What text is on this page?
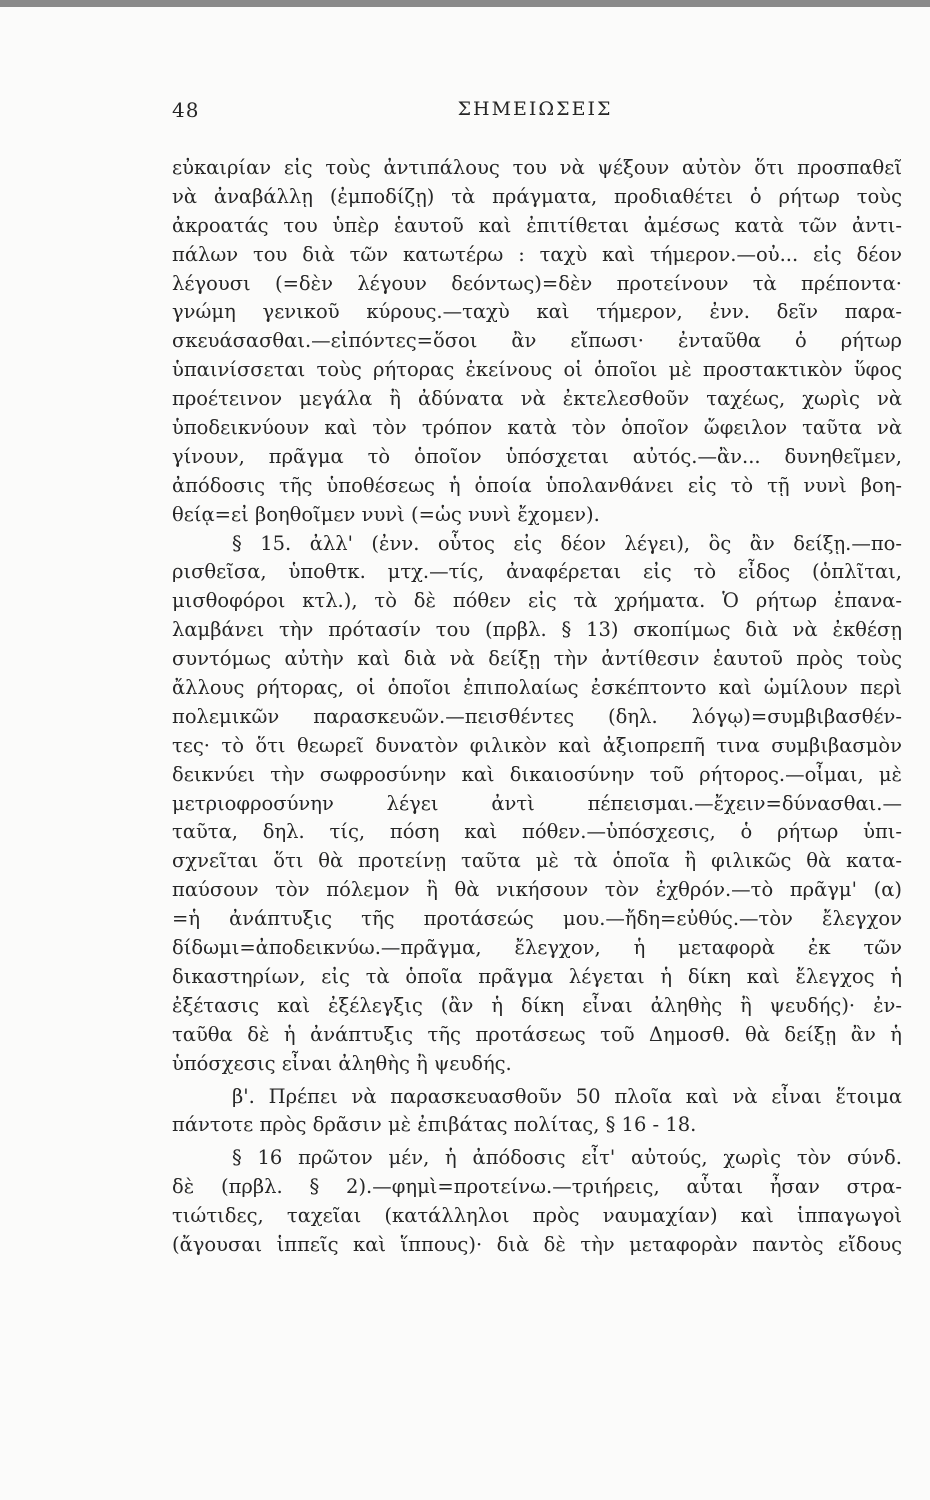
48	ΣΗΜΕΙΩΣΕΙΣ
εὐκαιρίαν εἰς τοὺς ἀντιπάλους του νὰ ψέξουν αὐτὸν ὅτι προσπαθεῖ
νὰ ἀναβάλλῃ (ἐμποδίζῃ) τὰ πράγματα, προδιαθέτει ὁ ρήτωρ τοὺς
ἀκροατάς του ὑπὲρ ἑαυτοῦ καὶ ἐπιτίθεται ἀμέσως κατὰ τῶν ἀντι-
πάλων του διὰ τῶν κατωτέρω : ταχὺ καὶ τήμερον.—οὐ... εἰς δέον
λέγουσι (=δὲν λέγουν δεόντως)=δὲν προτείνουν τὰ πρέποντα·
γνώμη γενικοῦ κύρους.—ταχὺ καὶ τήμερον, ἐνν. δεῖν παρα-
σκευάσασθαι.—εἰπόντες=ὅσοι ἂν εἴπωσι· ἐνταῦθα ὁ ρήτωρ
ὑπαινίσσεται τοὺς ρήτορας ἐκείνους οἱ ὁποῖοι μὲ προστακτικὸν ὕφος
προέτεινον μεγάλα ἢ ἀδύνατα νὰ ἐκτελεσθοῦν ταχέως, χωρὶς νὰ
ὑποδεικνύουν καὶ τὸν τρόπον κατὰ τὸν ὁποῖον ὤφειλον ταῦτα νὰ
γίνουν, πρᾶγμα τὸ ὁποῖον ὑπόσχεται αὐτός.—ἂν... δυνηθεῖμεν,
ἀπόδοσις τῆς ὑποθέσεως ἡ ὁποία ὑπολανθάνει εἰς τὸ τῇ νυνὶ βοη-
θείᾳ=εἰ βοηθοῖμεν νυνὶ (=ὡς νυνὶ ἔχομεν).
§ 15. ἀλλ' (ἐνν. οὗτος εἰς δέον λέγει), ὃς ἂν δείξῃ.—πο-
ρισθεῖσα, ὑποθτκ. μτχ.—τίς, ἀναφέρεται εἰς τὸ εἶδος (ὁπλῖται,
μισθοφόροι κτλ.), τὸ δὲ πόθεν εἰς τὰ χρήματα. Ὁ ρήτωρ ἐπανα-
λαμβάνει τὴν πρότασίν του (πρβλ. § 13) σκοπίμως διὰ νὰ ἐκθέσῃ
συντόμως αὐτὴν καὶ διὰ νὰ δείξῃ τὴν ἀντίθεσιν ἑαυτοῦ πρὸς τοὺς
ἄλλους ρήτορας, οἱ ὁποῖοι ἐπιπολαίως ἐσκέπτοντο καὶ ὡμίλουν περὶ
πολεμικῶν παρασκευῶν.—πεισθέντες (δηλ. λόγῳ)=συμβιβασθέν-
τες· τὸ ὅτι θεωρεῖ δυνατὸν φιλικὸν καὶ ἀξιοπρεπῆ τινα συμβιβασμὸν
δεικνύει τὴν σωφροσύνην καὶ δικαιοσύνην τοῦ ρήτορος.—οἶμαι, μὲ
μετριοφροσύνην λέγει ἀντὶ πέπεισμαι.—ἔχειν=δύνασθαι.—
ταῦτα, δηλ. τίς, πόση καὶ πόθεν.—ὑπόσχεσις, ὁ ρήτωρ ὑπι-
σχνεῖται ὅτι θὰ προτείνῃ ταῦτα μὲ τὰ ὁποῖα ἢ φιλικῶς θὰ κατα-
παύσουν τὸν πόλεμον ἢ θὰ νικήσουν τὸν ἐχθρόν.—τὸ πρᾶγμ' (α)
=ἡ ἀνάπτυξις τῆς προτάσεώς μου.—ἤδη=εὐθύς.—τὸν ἔλεγχον
δίδωμι=ἀποδεικνύω.—πρᾶγμα, ἔλεγχον, ἡ μεταφορὰ ἐκ τῶν
δικαστηρίων, εἰς τὰ ὁποῖα πρᾶγμα λέγεται ἡ δίκη καὶ ἔλεγχος ἡ
ἐξέτασις καὶ ἐξέλεγξις (ἂν ἡ δίκη εἶναι ἀληθὴς ἢ ψευδής)· ἐν-
ταῦθα δὲ ἡ ἀνάπτυξις τῆς προτάσεως τοῦ Δημοσθ. θὰ δείξῃ ἂν ἡ
ὑπόσχεσις εἶναι ἀληθὴς ἢ ψευδής.
β'. Πρέπει νὰ παρασκευασθοῦν 50 πλοῖα καὶ νὰ εἶναι ἕτοιμα
πάντοτε πρὸς δρᾶσιν μὲ ἐπιβάτας πολίτας, § 16 - 18.
§ 16 πρῶτον μέν, ἡ ἀπόδοσις εἶτ' αὐτούς, χωρὶς τὸν σύνδ.
δὲ (πρβλ. § 2).—φημὶ=προτείνω.—τριήρεις, αὗται ἦσαν στρα-
τιώτιδες, ταχεῖαι (κατάλληλοι πρὸς ναυμαχίαν) καὶ ἱππαγωγοὶ
(ἄγουσαι ἱππεῖς καὶ ἵππους)· διὰ δὲ τὴν μεταφορὰν παντὸς εἴδους
